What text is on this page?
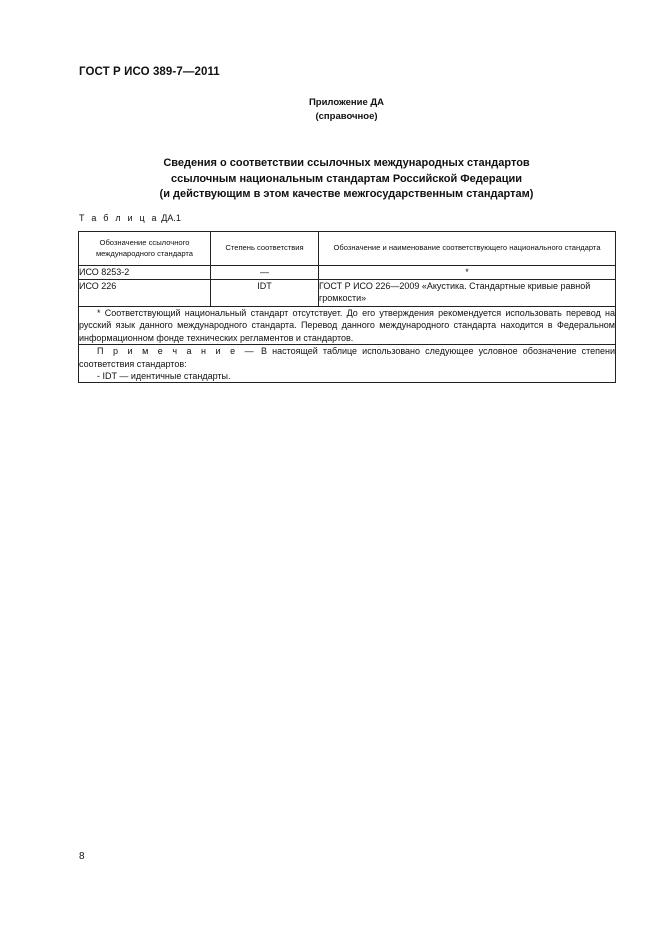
ГОСТ Р ИСО 389-7—2011
Приложение ДА
(справочное)
Сведения о соответствии ссылочных международных стандартов
ссылочным национальным стандартам Российской Федерации
(и действующим в этом качестве межгосударственным стандартам)
Т а б л и ц а ДА.1
Обозначение ссылочного международного стандарта	Степень соответствия	Обозначение и наименование соответствующего национального стандарта
ИСО 8253-2	—	*
ИСО 226	IDT	ГОСТ Р ИСО 226—2009 «Акустика. Стандартные кривые равной громкости»

* Соответствующий национальный стандарт отсутствует. До его утверждения рекомендуется использовать перевод на русский язык данного международного стандарта. Перевод данного международного стандарта находится в Федеральном информационном фонде технических регламентов и стандартов.		

П р и м е ч а н и е — В настоящей таблице использовано следующее условное обозначение степени соответствия стандартов:
- IDT — идентичные стандарты.		
8
